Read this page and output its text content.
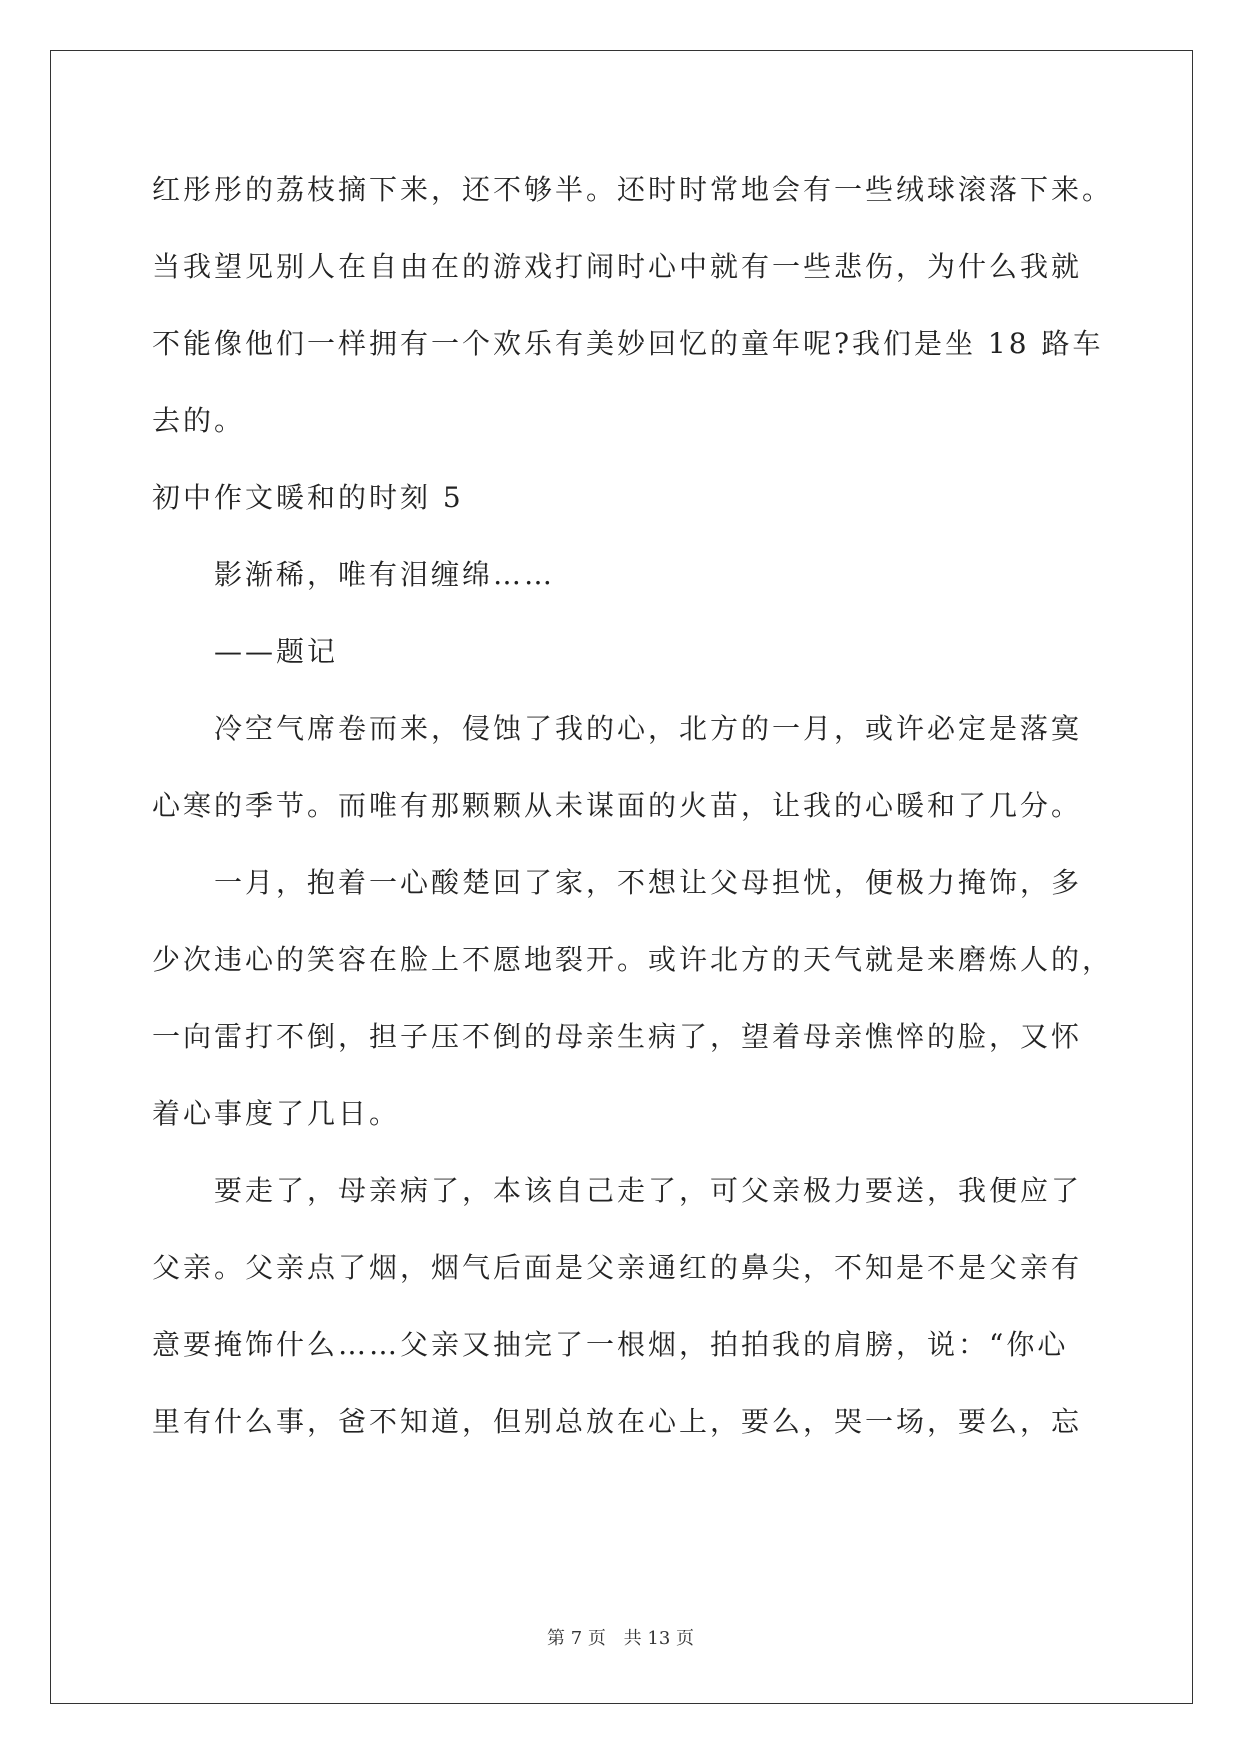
红彤彤的荔枝摘下来，还不够半。还时时常地会有一些绒球滚落下来。
当我望见别人在自由在的游戏打闹时心中就有一些悲伤，为什么我就
不能像他们一样拥有一个欢乐有美妙回忆的童年呢?我们是坐 18 路车
去的。
初中作文暖和的时刻 5
影渐稀，唯有泪缠绵……
——题记
冷空气席卷而来，侵蚀了我的心，北方的一月，或许必定是落寞
心寒的季节。而唯有那颗颗从未谋面的火苗，让我的心暖和了几分。
一月，抱着一心酸楚回了家，不想让父母担忧，便极力掩饰，多
少次违心的笑容在脸上不愿地裂开。或许北方的天气就是来磨炼人的，
一向雷打不倒，担子压不倒的母亲生病了，望着母亲憔悴的脸，又怀
着心事度了几日。
要走了，母亲病了，本该自己走了，可父亲极力要送，我便应了
父亲。父亲点了烟，烟气后面是父亲通红的鼻尖，不知是不是父亲有
意要掩饰什么……父亲又抽完了一根烟，拍拍我的肩膀，说：“你心
里有什么事，爸不知道，但别总放在心上，要么，哭一场，要么，忘
第 7 页 共 13 页
